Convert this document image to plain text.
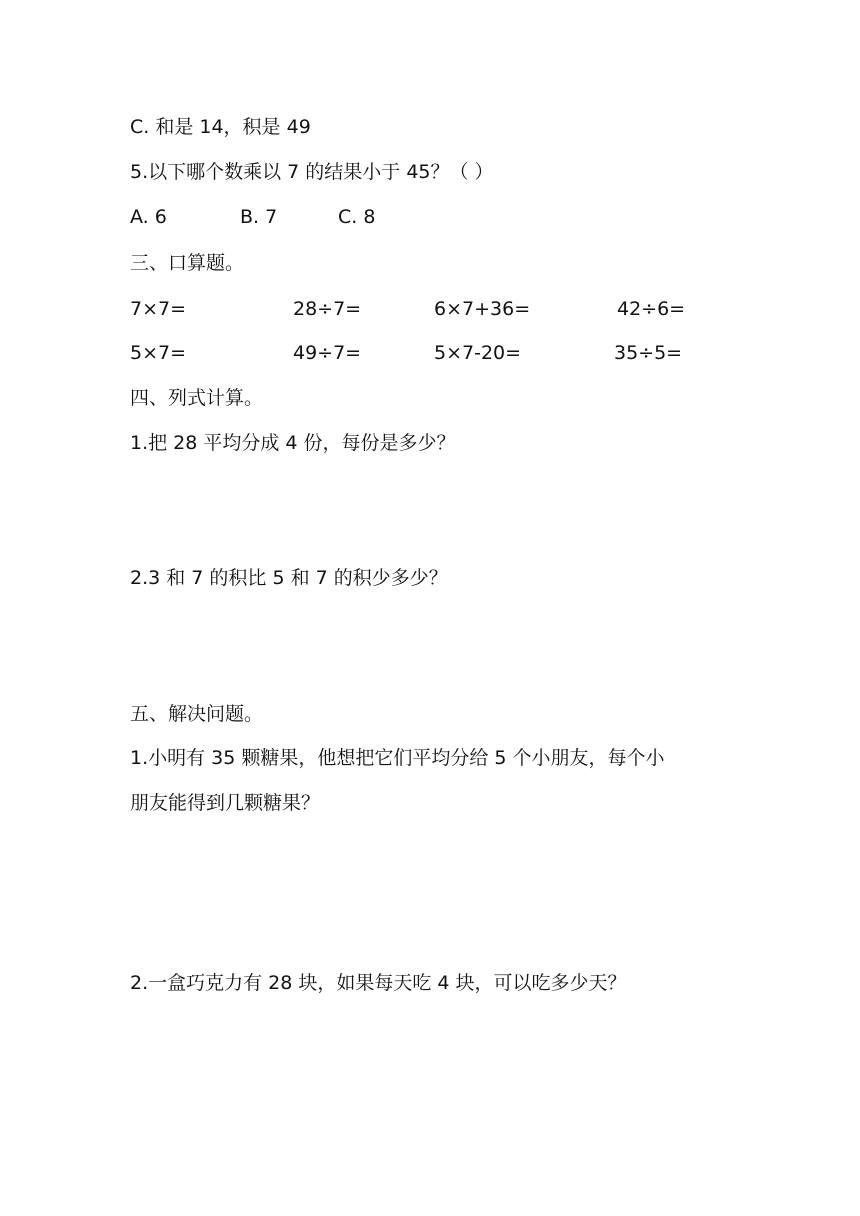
C. 和是 14，积是 49
5.以下哪个数乘以 7 的结果小于 45？（ ）
A. 6	B. 7	C. 8
三、口算题。
7×7=	28÷7=	6×7+36=	42÷6=
5×7=	49÷7=	5×7-20=	35÷5=
四、列式计算。
1.把 28 平均分成 4 份，每份是多少？
2.3 和 7 的积比 5 和 7 的积少多少？
五、解决问题。
1.小明有 35 颗糖果，他想把它们平均分给 5 个小朋友，每个小
朋友能得到几颗糖果？
2.一盒巧克力有 28 块，如果每天吃 4 块，可以吃多少天？
